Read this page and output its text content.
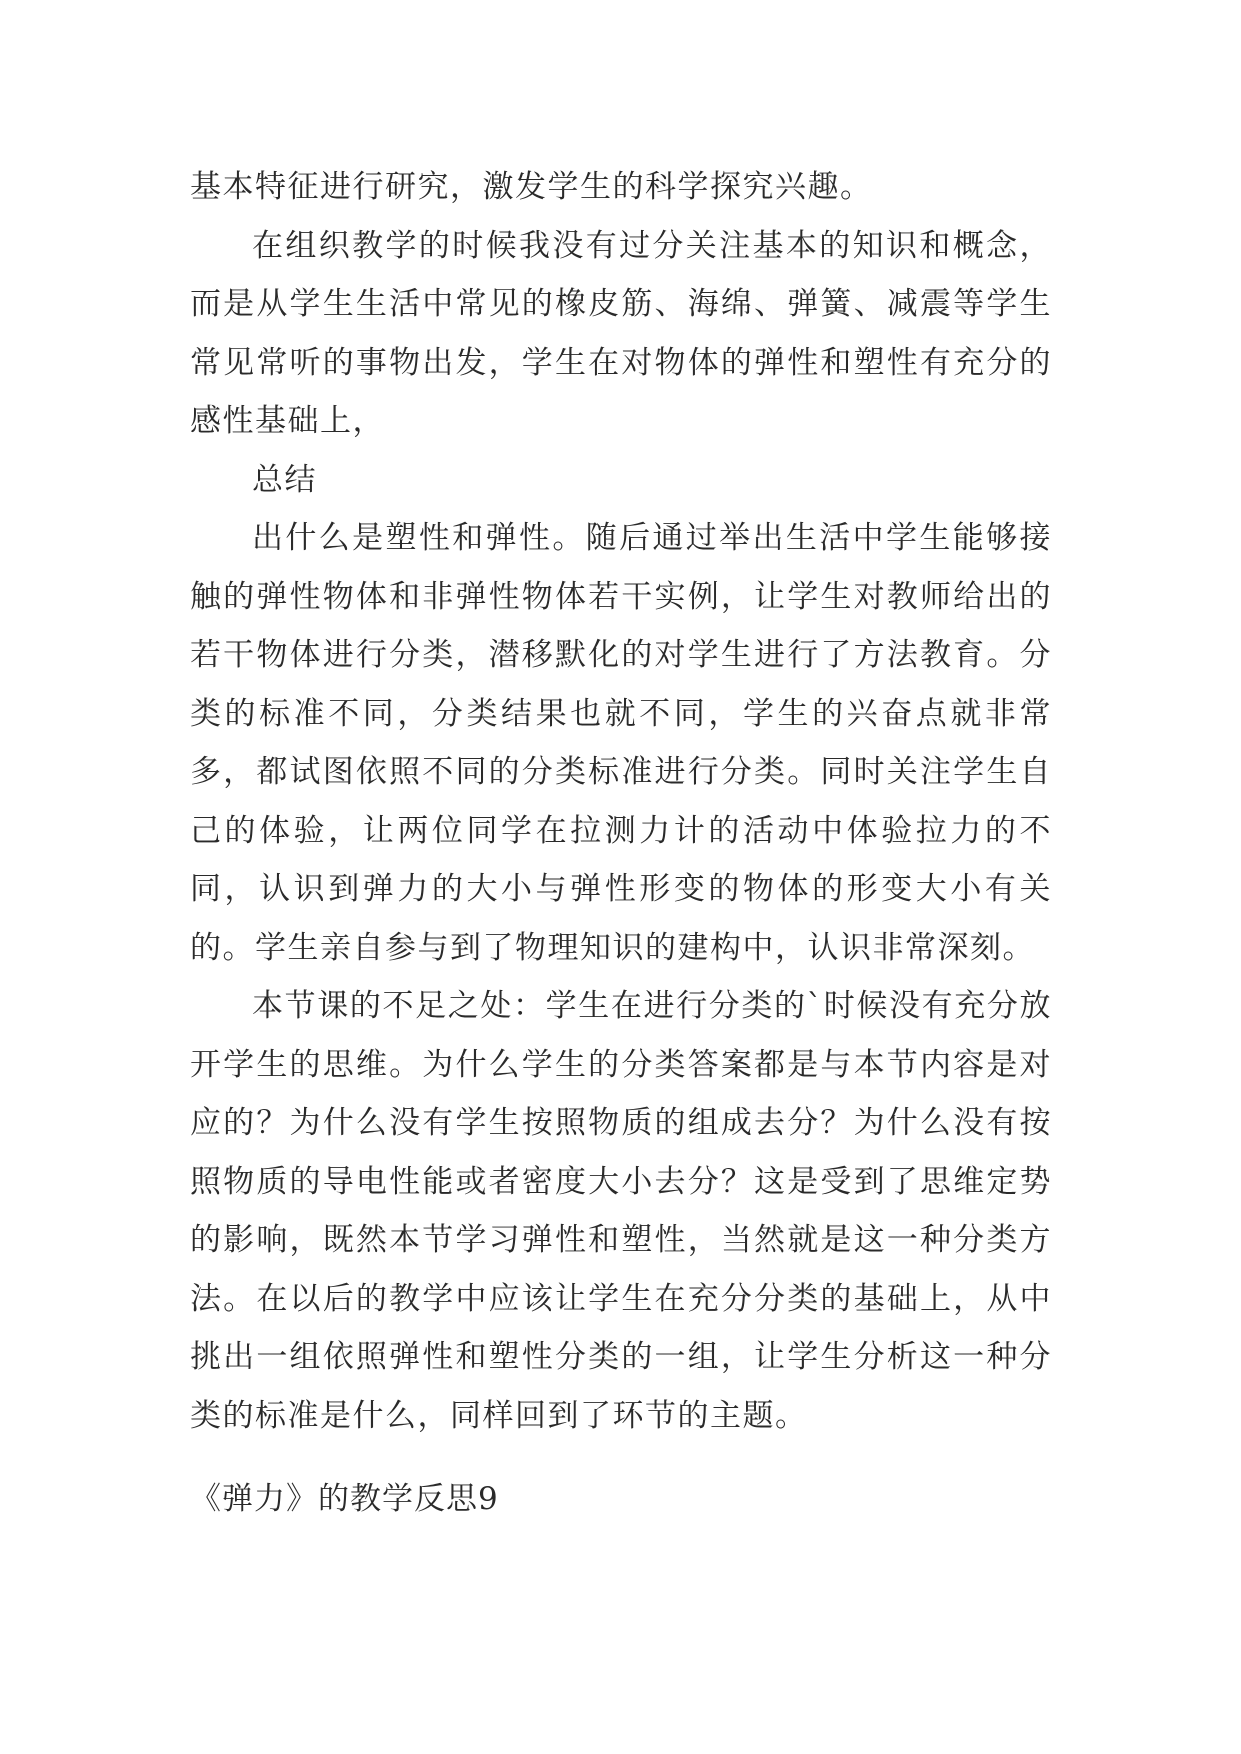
基本特征进行研究，激发学生的科学探究兴趣。

在组织教学的时候我没有过分关注基本的知识和概念，而是从学生生活中常见的橡皮筋、海绵、弹簧、减震等学生常见常听的事物出发，学生在对物体的弹性和塑性有充分的感性基础上，

总结

出什么是塑性和弹性。随后通过举出生活中学生能够接触的弹性物体和非弹性物体若干实例，让学生对教师给出的若干物体进行分类，潜移默化的对学生进行了方法教育。分类的标准不同，分类结果也就不同，学生的兴奋点就非常多，都试图依照不同的分类标准进行分类。同时关注学生自己的体验，让两位同学在拉测力计的活动中体验拉力的不同，认识到弹力的大小与弹性形变的物体的形变大小有关的。学生亲自参与到了物理知识的建构中，认识非常深刻。

本节课的不足之处：学生在进行分类的`时候没有充分放开学生的思维。为什么学生的分类答案都是与本节内容是对应的？为什么没有学生按照物质的组成去分？为什么没有按照物质的导电性能或者密度大小去分？这是受到了思维定势的影响，既然本节学习弹性和塑性，当然就是这一种分类方法。在以后的教学中应该让学生在充分分类的基础上，从中挑出一组依照弹性和塑性分类的一组，让学生分析这一种分类的标准是什么，同样回到了环节的主题。

《弹力》的教学反思9
